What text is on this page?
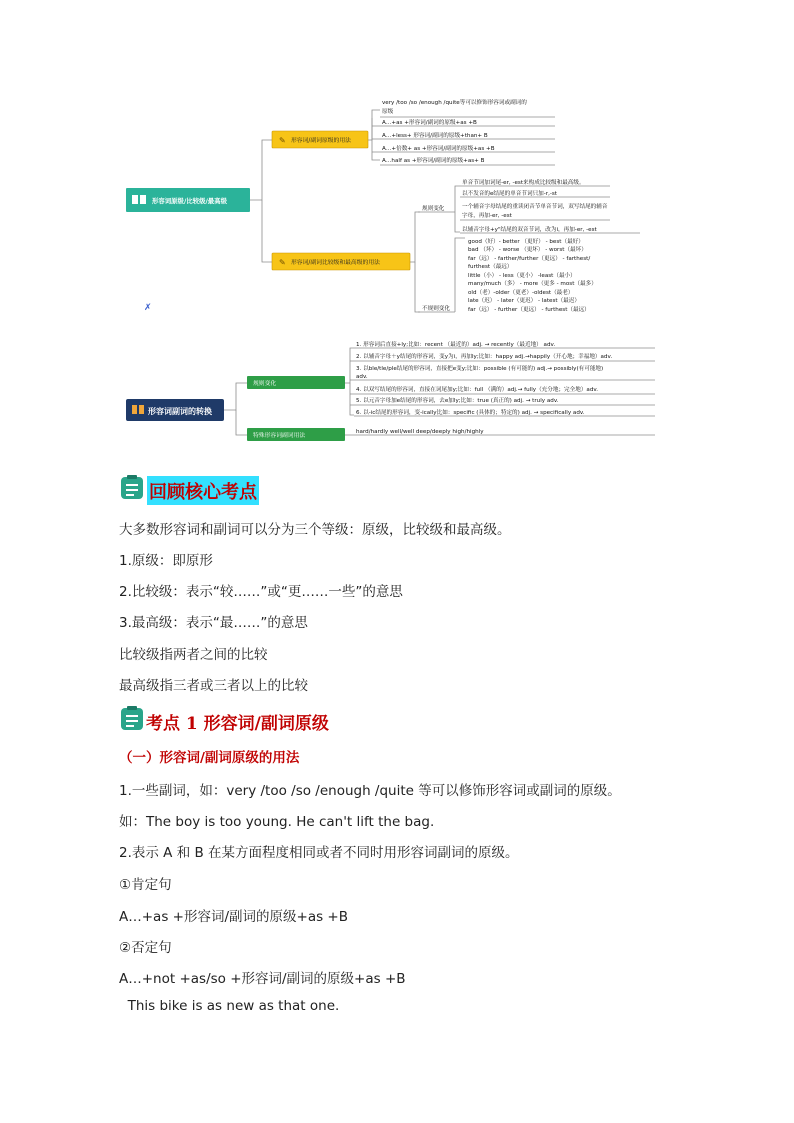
形容词原级/比较级/最高级
✎ 形容词/副词原级的用法
✎ 形容词/副词比较级和最高级的用法
very /too /so /enough /quite等可以修饰形容词或副词的
原级
A…+as +形容词/副词的原级+as +B
A…+less+ 形容词/副词的原级+than+ B
A…+倍数+ as +形容词/副词的原级+as +B
A…half as +形容词/副词的原级+as+ B
规则变化
单音节词加词尾-er, -est来构成比较级和最高级。
以不发音的e结尾的单音节词只加-r,-st
一个辅音字母结尾的重读闭音节单音节词，双写结尾的辅音
字母，再加-er, -est
以辅音字母+y"结尾的双音节词，改为i，再加-er, -est
不规则变化
good（好）- better （更好） - best（最好）
bad （坏） - worse （更坏） - worst（最坏）
far（远） - farther/further（更远） - farthest/
furthest（最远）
little（小） - less（更小） -least（最小）
many/much（多） - more（更多 - most（最多）
old（老）-older（更老）-oldest（最老）
late（迟） - later（更迟） - latest（最迟）
far（远） - further（更远） - furthest（最远）
✗
形容词副词的转换
规则变化
特殊形容词副词用法
1. 形容词后直接+ly;比如：recent （最近的）adj. → recently（最近地） adv.
2. 以辅音字母＋y结尾的形容词，变y为i，再加ly;比如：happy adj.→happily（开心地；幸福地）adv.
3. 以ble/tle/ple结尾的形容词，直接把e变y;比如：possible (有可能的) adj.→ possibly(有可能地)
adv.
4. 以双写结尾的形容词，直接在词尾加y;比如：full （满的）adj.→ fully（充分地；完全地）adv.
5. 以元音字母加e结尾的形容词，去e加ly;比如：true (真正的) adj. → truly adv.
6. 以-ic结尾的形容词，变-ically比如：specific (具体的；特定的) adj. → specifically adv.
hard/hardly well/well deep/deeply high/highly
回顾核心考点
大多数形容词和副词可以分为三个等级：原级，比较级和最高级。
1.原级：即原形
2.比较级：表示“较……”或“更……一些”的意思
3.最高级：表示“最……”的意思
比较级指两者之间的比较
最高级指三者或三者以上的比较
考点 1 形容词/副词原级
（一）形容词/副词原级的用法
1.一些副词，如：very /too /so /enough /quite 等可以修饰形容词或副词的原级。
如：The boy is too young. He can't lift the bag.
2.表示 A 和 B 在某方面程度相同或者不同时用形容词副词的原级。
①肯定句
A…+as +形容词/副词的原级+as +B
②否定句
A…+not +as/so +形容词/副词的原级+as +B
This bike is as new as that one.
